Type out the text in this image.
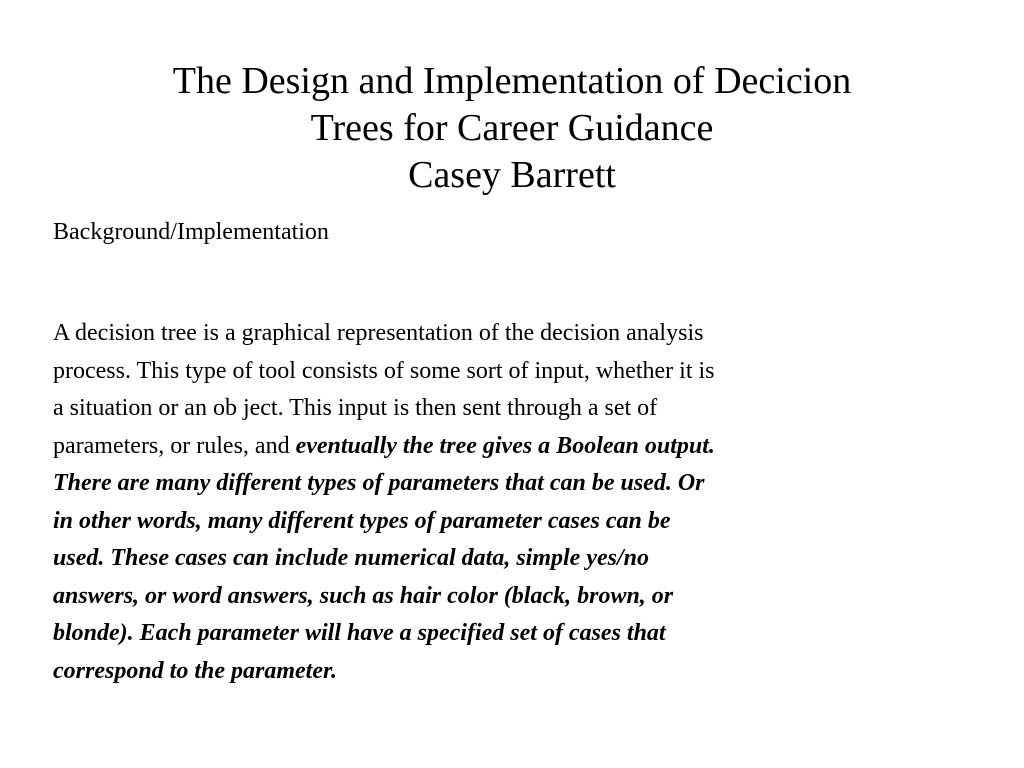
The Design and Implementation of Decicion
Trees for Career Guidance
Casey Barrett
Background/Implementation
A decision tree is a graphical representation of the decision analysis
process. This type of tool consists of some sort of input, whether it is
a situation or an ob ject. This input is then sent through a set of
parameters, or rules, and eventually the tree gives a Boolean output.
There are many different types of parameters that can be used. Or
in other words, many different types of parameter cases can be
used. These cases can include numerical data, simple yes/no
answers, or word answers, such as hair color (black, brown, or
blonde). Each parameter will have a specified set of cases that
correspond to the parameter.
